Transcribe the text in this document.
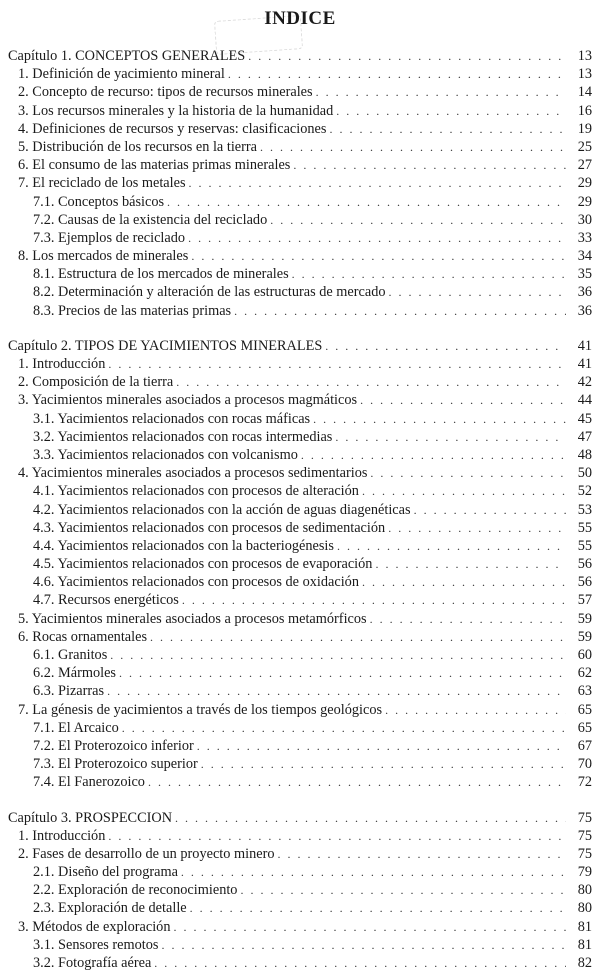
INDICE
Capítulo 1. CONCEPTOS GENERALES . . .	13
1. Definición de yacimiento mineral . . .	13
2. Concepto de recurso: tipos de recursos minerales . . .	14
3. Los recursos minerales y la historia de la humanidad . . .	16
4. Definiciones de recursos y reservas: clasificaciones . . .	19
5. Distribución de los recursos en la tierra . . .	25
6. El consumo de las materias primas minerales . . .	27
7. El reciclado de los metales . . .	29
7.1. Conceptos básicos . . .	29
7.2. Causas de la existencia del reciclado . . .	30
7.3. Ejemplos de reciclado . . .	33
8. Los mercados de minerales . . .	34
8.1. Estructura de los mercados de minerales . . .	35
8.2. Determinación y alteración de las estructuras de mercado . . .	36
8.3. Precios de las materias primas . . .	36
Capítulo 2. TIPOS DE YACIMIENTOS MINERALES . . .	41
1. Introducción . . .	41
2. Composición de la tierra . . .	42
3. Yacimientos minerales asociados a procesos magmáticos . . .	44
3.1. Yacimientos relacionados con rocas máficas . . .	45
3.2. Yacimientos relacionados con rocas intermedias . . .	47
3.3. Yacimientos relacionados con volcanismo . . .	48
4. Yacimientos minerales asociados a procesos sedimentarios . . .	50
4.1. Yacimientos relacionados con procesos de alteración . . .	52
4.2. Yacimientos relacionados con la acción de aguas diagenéticas . . .	53
4.3. Yacimientos relacionados con procesos de sedimentación . . .	55
4.4. Yacimientos relacionados con la bacteriogénesis . . .	55
4.5. Yacimientos relacionados con procesos de evaporación . . .	56
4.6. Yacimientos relacionados con procesos de oxidación . . .	56
4.7. Recursos energéticos . . .	57
5. Yacimientos minerales asociados a procesos metamórficos . . .	59
6. Rocas ornamentales . . .	59
6.1. Granitos . . .	60
6.2. Mármoles . . .	62
6.3. Pizarras . . .	63
7. La génesis de yacimientos a través de los tiempos geológicos . . .	65
7.1. El Arcaico . . .	65
7.2. El Proterozoico inferior . . .	67
7.3. El Proterozoico superior . . .	70
7.4. El Fanerozoico . . .	72
Capítulo 3. PROSPECCION . . .	75
1. Introducción . . .	75
2. Fases de desarrollo de un proyecto minero . . .	75
2.1. Diseño del programa . . .	79
2.2. Exploración de reconocimiento . . .	80
2.3. Exploración de detalle . . .	80
3. Métodos de exploración . . .	81
3.1. Sensores remotos . . .	81
3.2. Fotografía aérea . . .	82
